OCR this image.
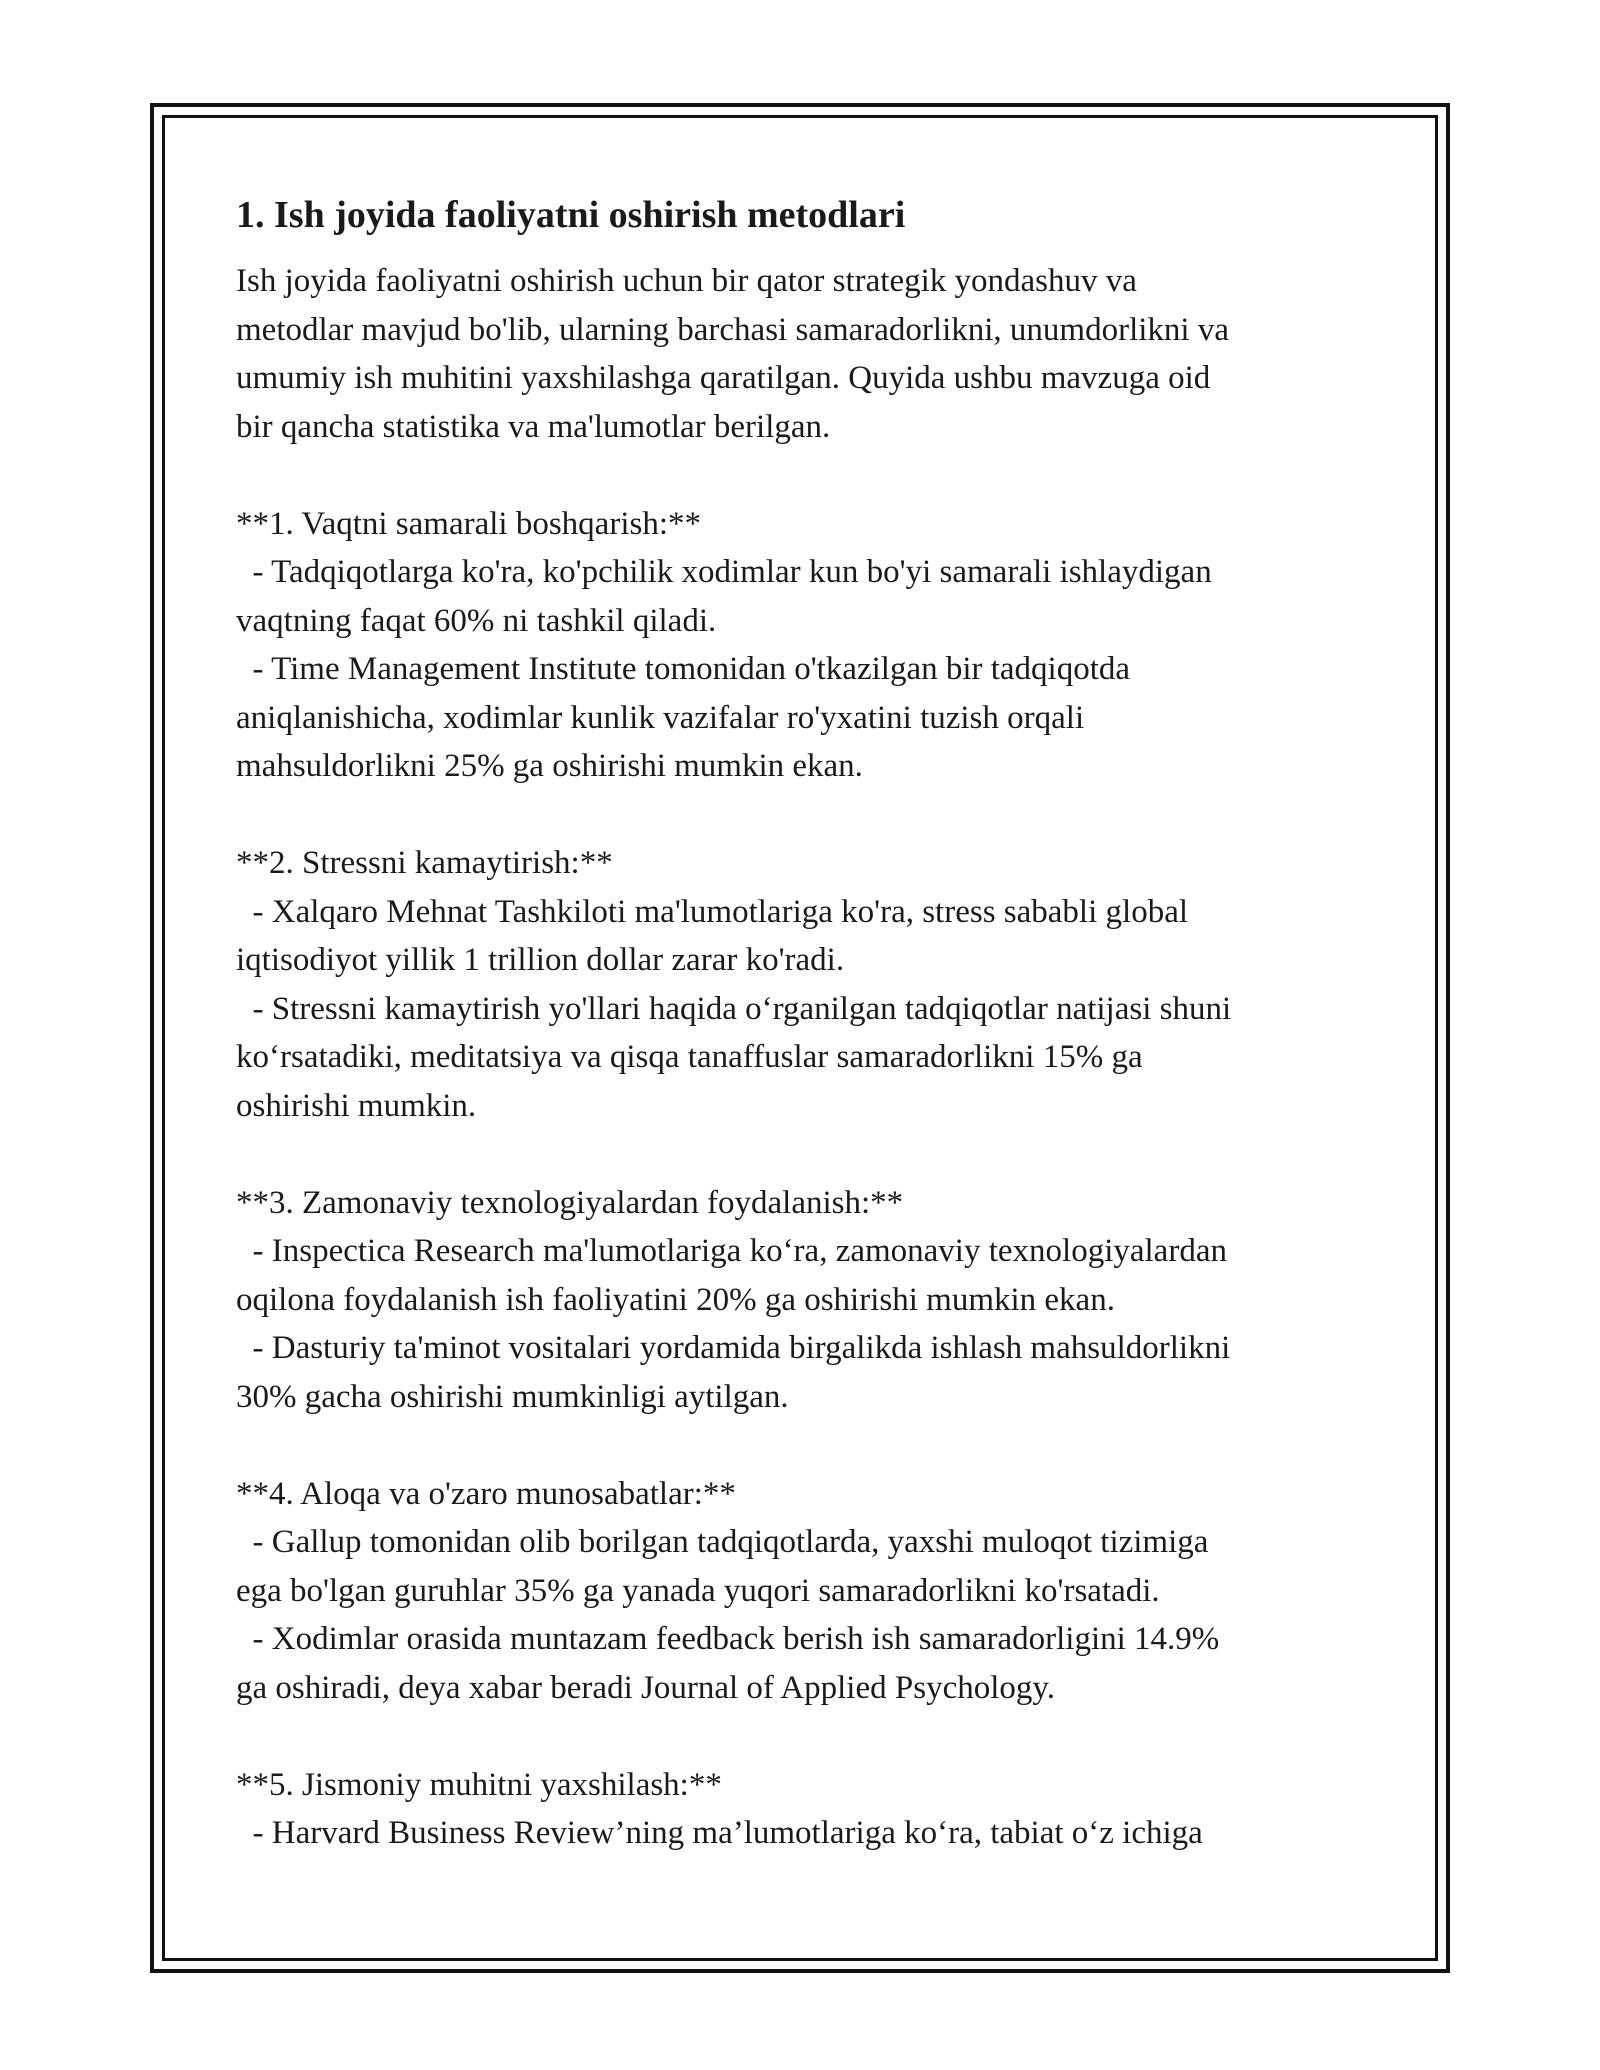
1. Ish joyida faoliyatni oshirish metodlari
Ish joyida faoliyatni oshirish uchun bir qator strategik yondashuv va
metodlar mavjud bo'lib, ularning barchasi samaradorlikni, unumdorlikni va
umumiy ish muhitini yaxshilashga qaratilgan. Quyida ushbu mavzuga oid
bir qancha statistika va ma'lumotlar berilgan.
**1. Vaqtni samarali boshqarish:**
- Tadqiqotlarga ko'ra, ko'pchilik xodimlar kun bo'yi samarali ishlaydigan
vaqtning faqat 60% ni tashkil qiladi.
- Time Management Institute tomonidan o'tkazilgan bir tadqiqotda
aniqlanishicha, xodimlar kunlik vazifalar ro'yxatini tuzish orqali
mahsuldorlikni 25% ga oshirishi mumkin ekan.
**2. Stressni kamaytirish:**
- Xalqaro Mehnat Tashkiloti ma'lumotlariga ko'ra, stress sababli global
iqtisodiyot yillik 1 trillion dollar zarar ko'radi.
- Stressni kamaytirish yo'llari haqida o‘rganilgan tadqiqotlar natijasi shuni
ko‘rsatadiki, meditatsiya va qisqa tanaffuslar samaradorlikni 15% ga
oshirishi mumkin.
**3. Zamonaviy texnologiyalardan foydalanish:**
- Inspectica Research ma'lumotlariga ko‘ra, zamonaviy texnologiyalardan
oqilona foydalanish ish faoliyatini 20% ga oshirishi mumkin ekan.
- Dasturiy ta'minot vositalari yordamida birgalikda ishlash mahsuldorlikni
30% gacha oshirishi mumkinligi aytilgan.
**4. Aloqa va o'zaro munosabatlar:**
- Gallup tomonidan olib borilgan tadqiqotlarda, yaxshi muloqot tizimiga
ega bo'lgan guruhlar 35% ga yanada yuqori samaradorlikni ko'rsatadi.
- Xodimlar orasida muntazam feedback berish ish samaradorligini 14.9%
ga oshiradi, deya xabar beradi Journal of Applied Psychology.
**5. Jismoniy muhitni yaxshilash:**
- Harvard Business Review’ning ma’lumotlariga ko‘ra, tabiat o‘z ichiga
